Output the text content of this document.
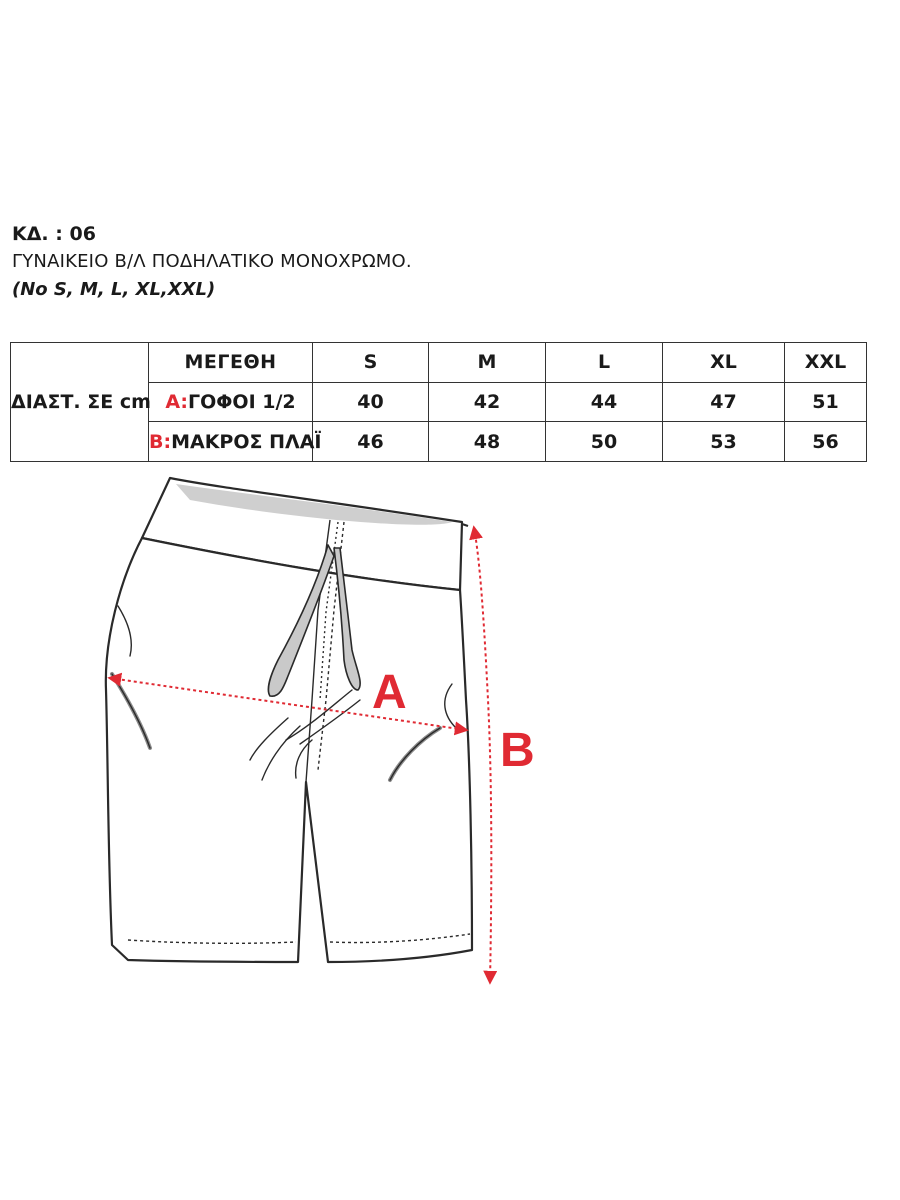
ΚΔ. : 06
ΓΥΝΑΙΚΕΙΟ Β/Λ ΠΟΔΗΛΑΤΙΚΟ ΜΟΝΟΧΡΩΜΟ.
(No S, M, L, XL,XXL)
ΔΙΑΣΤ. ΣΕ cm	ΜΕΓΕΘΗ	S	M	L	XL	XXL
	A:ΓΟΦΟΙ 1/2	40	42	44	47	51
	B:ΜΑΚΡΟΣ ΠΛΑΪ	46	48	50	53	56
A
B
